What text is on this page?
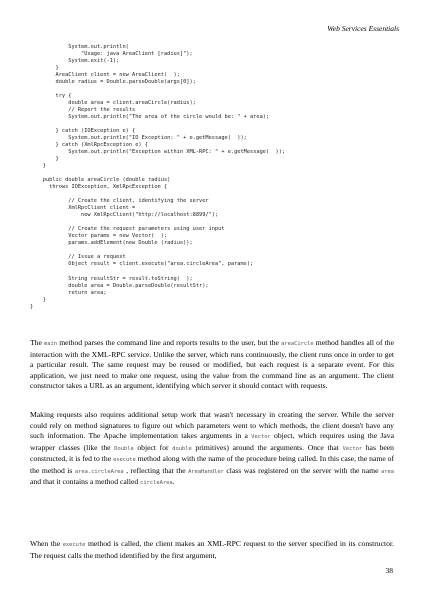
Web Services Essentials
System.out.println(
"Usage: java AreaClient [radius]");
System.exit(-1);
}
AreaClient client = new AreaClient(  );
double radius = Double.parseDouble(args[0]);
try {
double area = client.areaCircle(radius);
// Report the results
System.out.println("The area of the circle would be: " + area);
} catch (IOException e) {
System.out.println("IO Exception: " + e.getMessage(  ));
} catch (XmlRpcException e) {
System.out.println("Exception within XML-RPC: " + e.getMessage(  ));
}
}
public double areaCircle (double radius)
throws IOException, XmlRpcException {
// Create the client, identifying the server
XmlRpcClient client =
new XmlRpcClient("http://localhost:8899/");
// Create the request parameters using user input
Vector params = new Vector(  );
params.addElement(new Double (radius));
// Issue a request
Object result = client.execute("area.circleArea", params);
String resultStr = result.toString(  );
double area = Double.parseDouble(resultStr);
return area;
}
}

The main method parses the command line and reports results to the user, but the areaCircle method handles all of the interaction with the XML-RPC service. Unlike the server, which runs continuously, the client runs once in order to get a particular result. The same request may be reused or modified, but each request is a separate event. For this application, we just need to make one request, using the value from the command line as an argument. The client constructor takes a URL as an argument, identifying which server it should contact with requests.

Making requests also requires additional setup work that wasn't necessary in creating the server. While the server could rely on method signatures to figure out which parameters went to which methods, the client doesn't have any such information. The Apache implementation takes arguments in a Vector object, which requires using the Java wrapper classes (like the Double object for double primitives) around the arguments. Once that Vector has been constructed, it is fed to the execute method along with the name of the procedure being called. In this case, the name of the method is area.circleArea , reflecting that the AreaHandler class was registered on the server with the name area and that it contains a method called circleArea.

When the execute method is called, the client makes an XML-RPC request to the server specified in its constructor. The request calls the method identified by the first argument,

38
